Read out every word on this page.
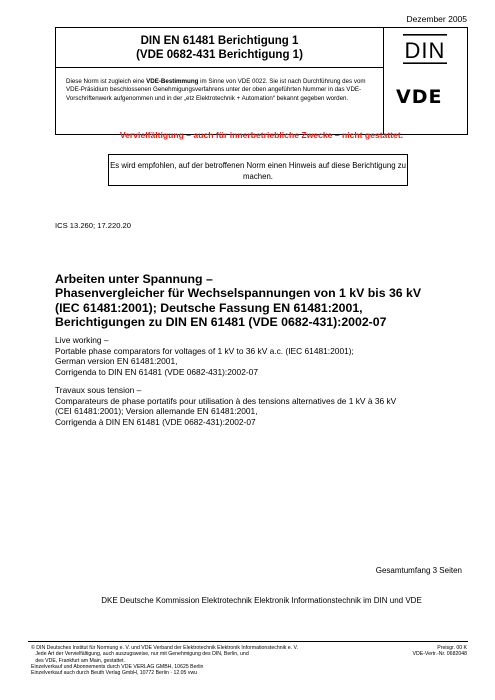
Dezember 2005
DIN EN 61481 Berichtigung 1
(VDE 0682-431 Berichtigung 1)
Diese Norm ist zugleich eine VDE-Bestimmung im Sinne von VDE 0022. Sie ist nach Durchführung des vom VDE-Präsidium beschlossenen Genehmigungsverfahrens unter der oben angeführten Nummer in das VDE-Vorschriftenwerk aufgenommen und in der „etz Elektrotechnik + Automation“ bekannt gegeben worden.
DIN
VDE
Vervielfältigung – auch für innerbetriebliche Zwecke – nicht gestattet.
Es wird empfohlen, auf der betroffenen Norm einen Hinweis auf diese Berichtigung zu machen.
ICS 13.260; 17.220.20
Arbeiten unter Spannung –
Phasenvergleicher für Wechselspannungen von 1 kV bis 36 kV
(IEC 61481:2001); Deutsche Fassung EN 61481:2001,
Berichtigungen zu DIN EN 61481 (VDE 0682-431):2002-07
Live working –
Portable phase comparators for voltages of 1 kV to 36 kV a.c. (IEC 61481:2001);
German version EN 61481:2001,
Corrigenda to DIN EN 61481 (VDE 0682-431):2002-07
Travaux sous tension –
Comparateurs de phase portatifs pour utilisation à des tensions alternatives de 1 kV à 36 kV
(CEI 61481:2001); Version allemande EN 61481:2001,
Corrigenda à DIN EN 61481 (VDE 0682-431):2002-07
Gesamtumfang 3 Seiten
DKE Deutsche Kommission Elektrotechnik Elektronik Informationstechnik im DIN und VDE
© DIN Deutsches Institut für Normung e. V. und VDE Verband der Elektrotechnik Elektronik Informationstechnik e. V.
Jede Art der Vervielfältigung, auch auszugsweise, nur mit Genehmigung des DIN, Berlin, und
des VDE, Frankfurt am Main, gestattet.
Einzelverkauf und Abonnements durch VDE VERLAG GMBH, 10625 Berlin
Einzelverkauf auch durch Beuth Verlag GmbH, 10772 Berlin · 12.05 vwu
Preisgr. 00 K
VDE-Vertr.-Nr. 0682048
